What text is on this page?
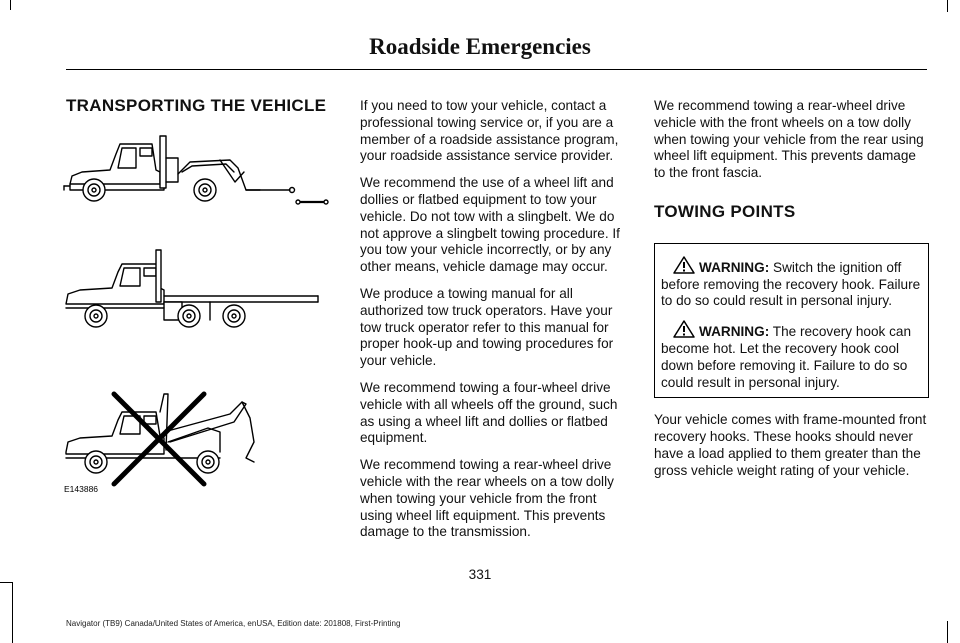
Roadside Emergencies
TRANSPORTING THE VEHICLE
E143886

If you need to tow your vehicle, contact a professional towing service or, if you are a member of a roadside assistance program, your roadside assistance service provider.

We recommend the use of a wheel lift and dollies or flatbed equipment to tow your vehicle. Do not tow with a slingbelt. We do not approve a slingbelt towing procedure. If you tow your vehicle incorrectly, or by any other means, vehicle damage may occur.

We produce a towing manual for all authorized tow truck operators. Have your tow truck operator refer to this manual for proper hook-up and towing procedures for your vehicle.

We recommend towing a four-wheel drive vehicle with all wheels off the ground, such as using a wheel lift and dollies or flatbed equipment.

We recommend towing a rear-wheel drive vehicle with the rear wheels on a tow dolly when towing your vehicle from the front using wheel lift equipment. This prevents damage to the transmission.

We recommend towing a rear-wheel drive vehicle with the front wheels on a tow dolly when towing your vehicle from the rear using wheel lift equipment. This prevents damage to the front fascia.

TOWING POINTS

WARNING: Switch the ignition off before removing the recovery hook. Failure to do so could result in personal injury.

WARNING: The recovery hook can become hot. Let the recovery hook cool down before removing it. Failure to do so could result in personal injury.

Your vehicle comes with frame-mounted front recovery hooks. These hooks should never have a load applied to them greater than the gross vehicle weight rating of your vehicle.

331
Navigator (TB9) Canada/United States of America, enUSA, Edition date: 201808, First-Printing
